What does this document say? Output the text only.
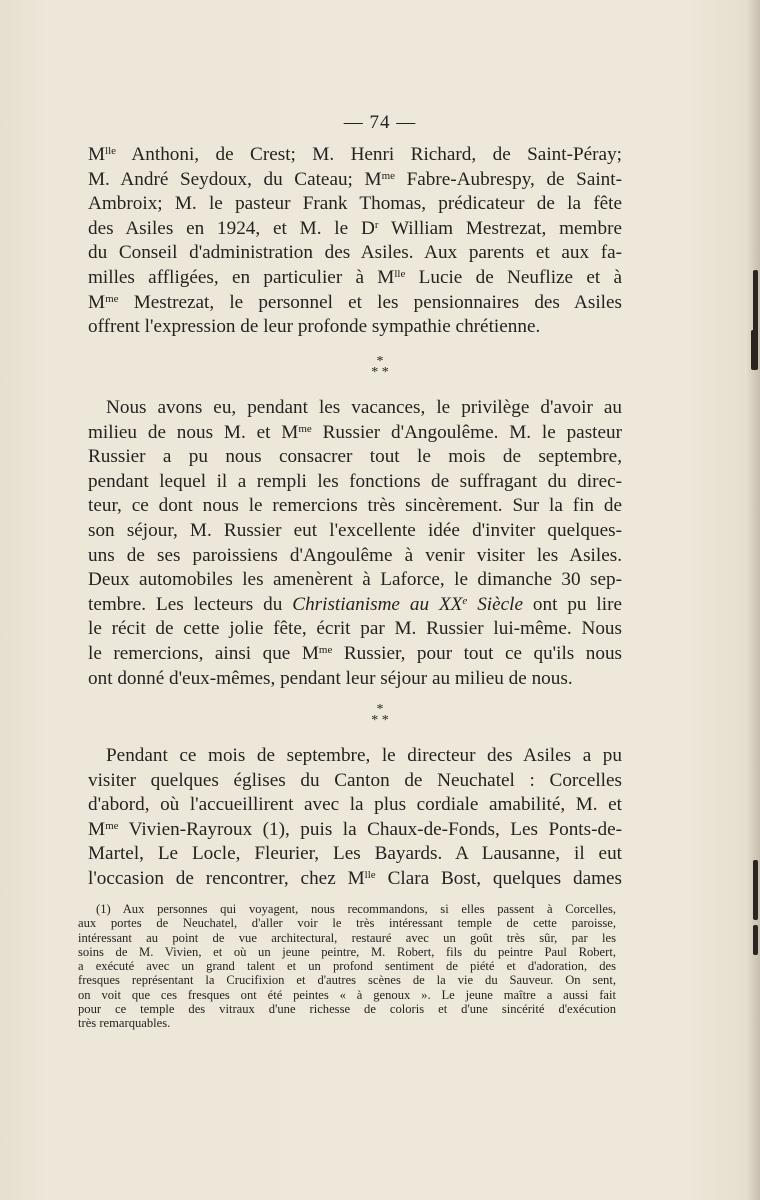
— 74 —
$M^{lle}$ Anthoni, de Crest; M. Henri Richard, de Saint-Péray;
M. André Seydoux, du Cateau; $M^{me}$ Fabre-Aubrespy, de Saint-
Ambroix; M. le pasteur Frank Thomas, prédicateur de la fête
des Asiles en 1924, et M. le $D^r$ William Mestrezat, membre
du Conseil d'administration des Asiles. Aux parents et aux fa-
milles affligées, en particulier à $M^{lle}$ Lucie de Neuflize et à
$M^{me}$ Mestrezat, le personnel et les pensionnaires des Asiles
offrent l'expression de leur profonde sympathie chrétienne.
*
* *
Nous avons eu, pendant les vacances, le privilège d'avoir au
milieu de nous M. et $M^{me}$ Russier d'Angoulême. M. le pasteur
Russier a pu nous consacrer tout le mois de septembre,
pendant lequel il a rempli les fonctions de suffragant du direc-
teur, ce dont nous le remercions très sincèrement. Sur la fin de
son séjour, M. Russier eut l'excellente idée d'inviter quelques-
uns de ses paroissiens d'Angoulême à venir visiter les Asiles.
Deux automobiles les amenèrent à Laforce, le dimanche 30 sep-
tembre. Les lecteurs du Christianisme au XXe Siècle ont pu lire
le récit de cette jolie fête, écrit par M. Russier lui-même. Nous
le remercions, ainsi que $M^{me}$ Russier, pour tout ce qu'ils nous
ont donné d'eux-mêmes, pendant leur séjour au milieu de nous.
*
* *
Pendant ce mois de septembre, le directeur des Asiles a pu
visiter quelques églises du Canton de Neuchatel : Corcelles
d'abord, où l'accueillirent avec la plus cordiale amabilité, M. et
$M^{me}$ Vivien-Rayroux (1), puis la Chaux-de-Fonds, Les Ponts-de-
Martel, Le Locle, Fleurier, Les Bayards. A Lausanne, il eut
l'occasion de rencontrer, chez $M^{lle}$ Clara Bost, quelques dames
(1) Aux personnes qui voyagent, nous recommandons, si elles passent à Corcelles,
aux portes de Neuchatel, d'aller voir le très intéressant temple de cette paroisse,
intéressant au point de vue architectural, restauré avec un goût très sûr, par les
soins de M. Vivien, et où un jeune peintre, M. Robert, fils du peintre Paul Robert,
a exécuté avec un grand talent et un profond sentiment de piété et d'adoration, des
fresques représentant la Crucifixion et d'autres scènes de la vie du Sauveur. On sent,
on voit que ces fresques ont été peintes « à genoux ». Le jeune maître a aussi fait
pour ce temple des vitraux d'une richesse de coloris et d'une sincérité d'exécution
très remarquables.
